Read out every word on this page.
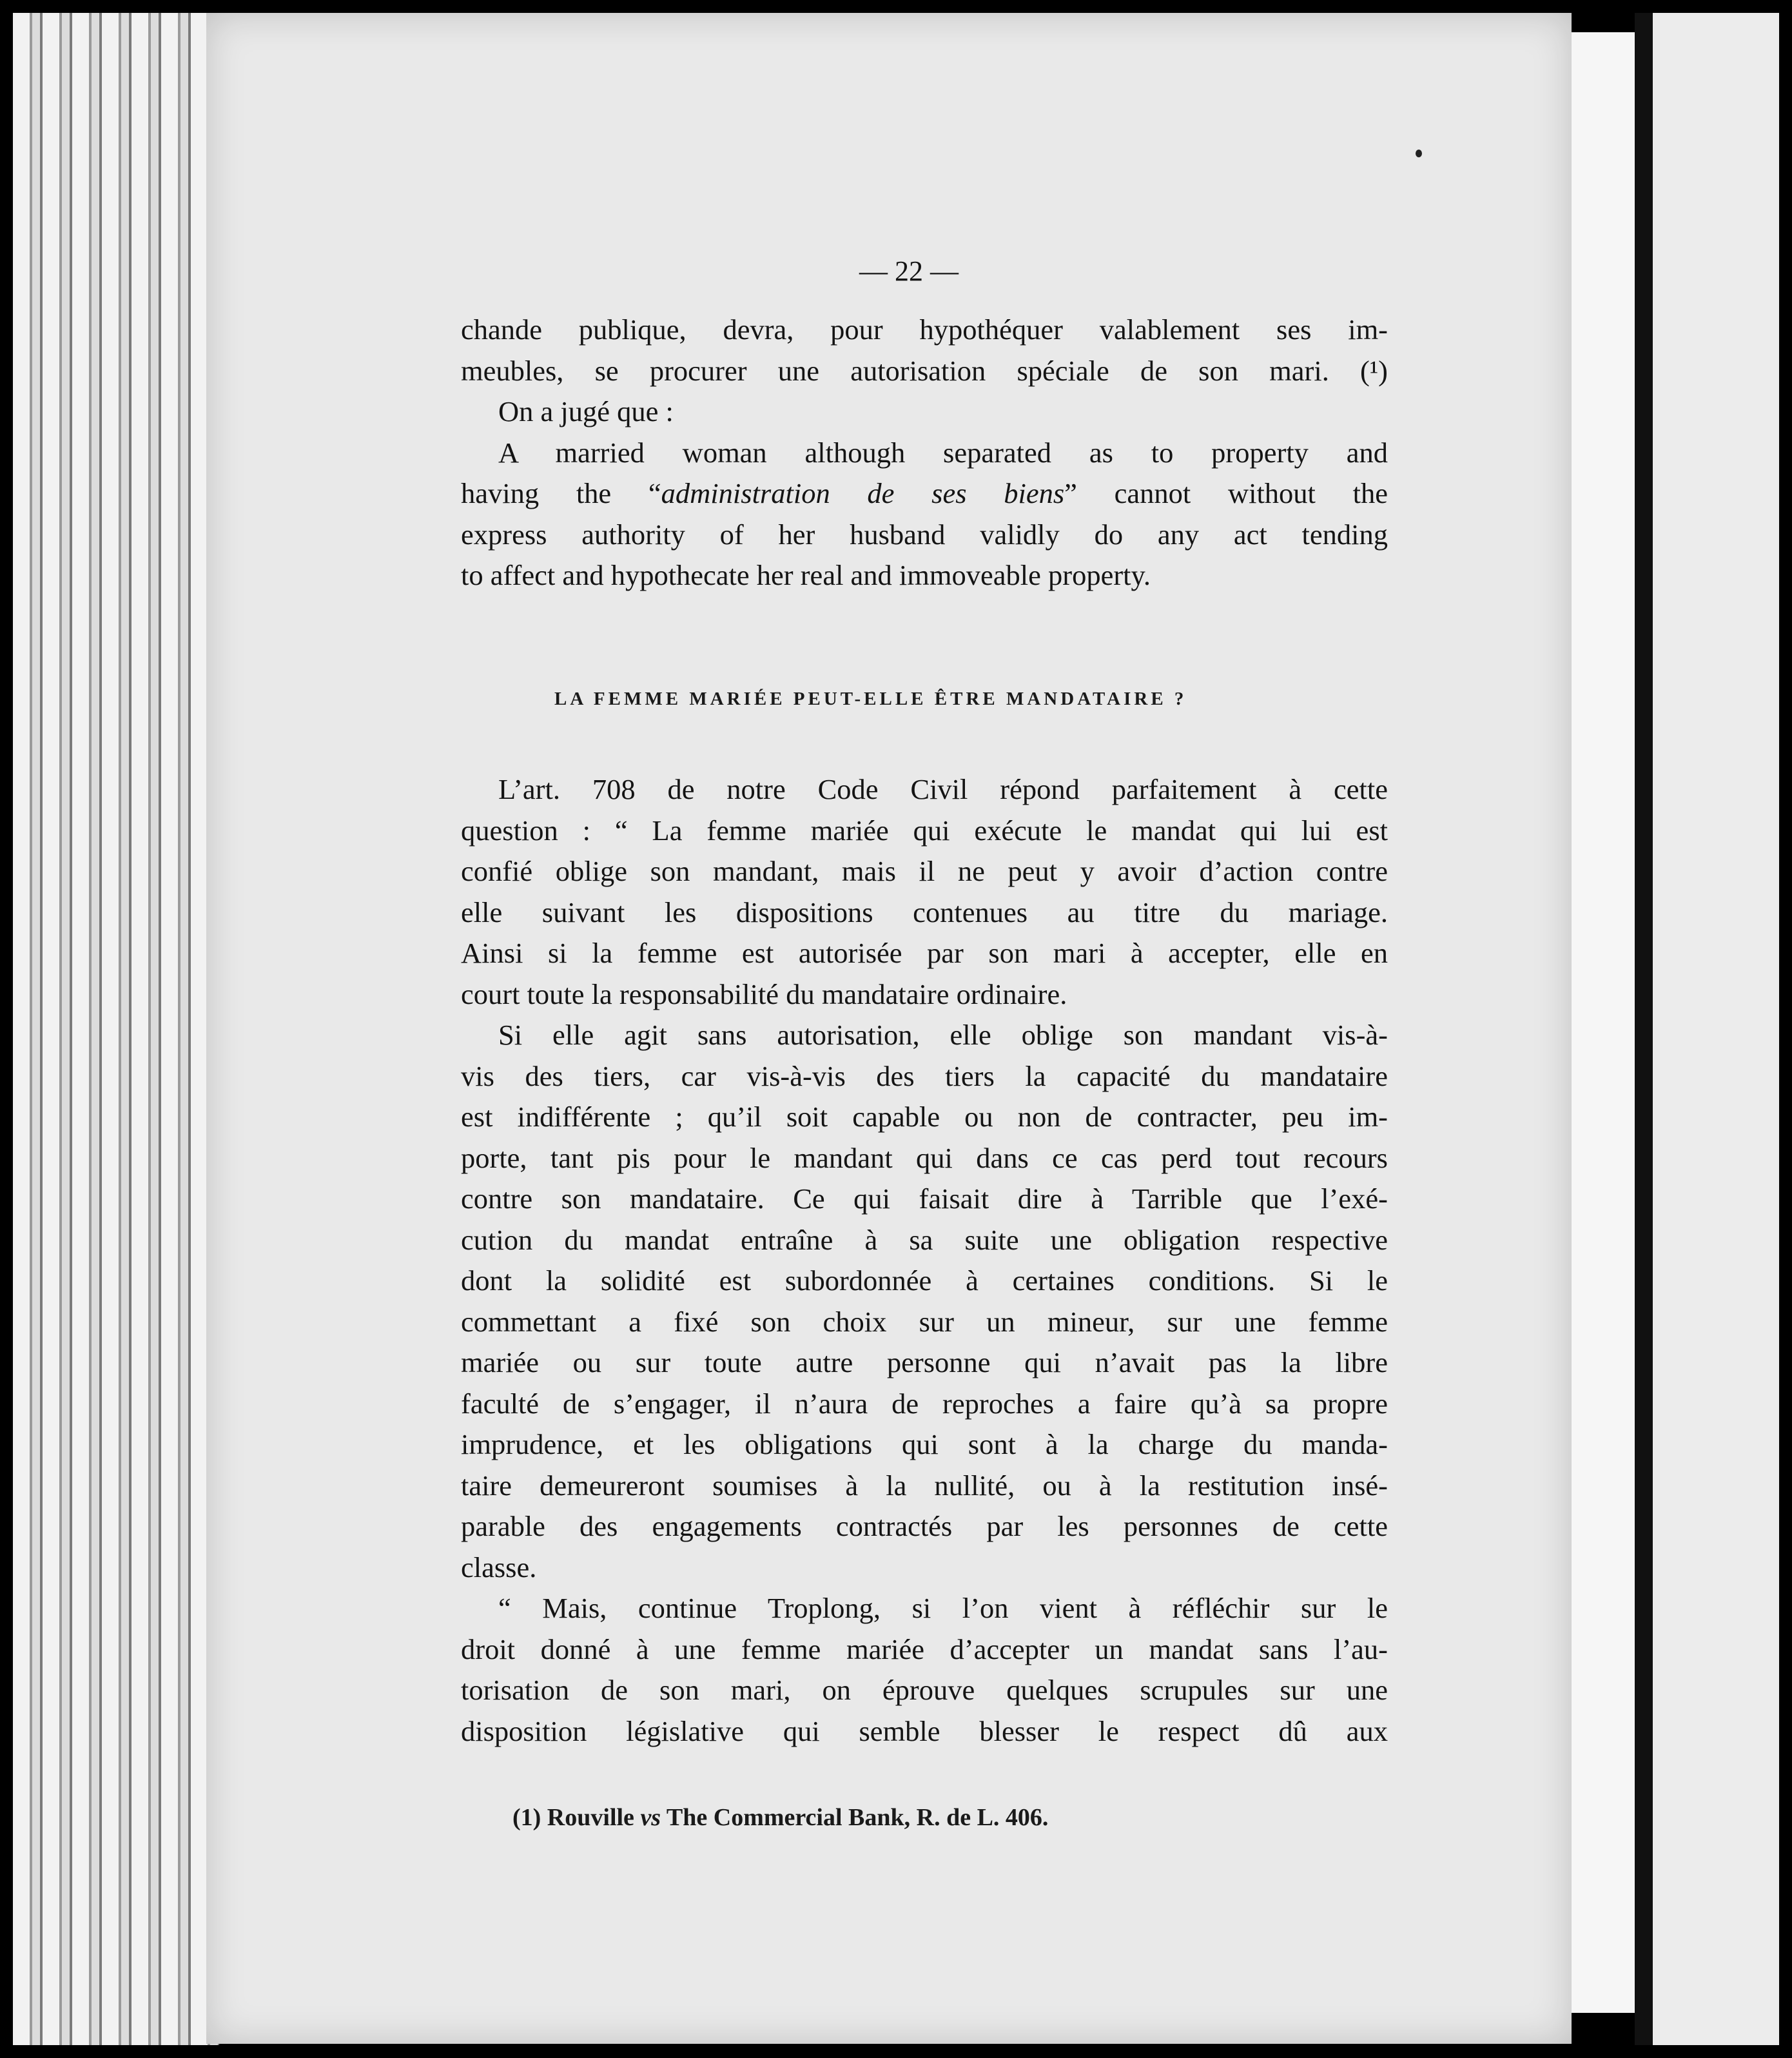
— 22 —
chande publique, devra, pour hypothéquer valablement ses im-
meubles, se procurer une autorisation spéciale de son mari. (¹)
On a jugé que :
A married woman although separated as to property and
having the “administration de ses biens” cannot without the
express authority of her husband validly do any act tending
to affect and hypothecate her real and immoveable property.
LA FEMME MARIÉE PEUT-ELLE ÊTRE MANDATAIRE ?
L’art. 708 de notre Code Civil répond parfaitement à cette
question : “ La femme mariée qui exécute le mandat qui lui est
confié oblige son mandant, mais il ne peut y avoir d’action contre
elle suivant les dispositions contenues au titre du mariage.
Ainsi si la femme est autorisée par son mari à accepter, elle en
court toute la responsabilité du mandataire ordinaire.
Si elle agit sans autorisation, elle oblige son mandant vis-à-
vis des tiers, car vis-à-vis des tiers la capacité du mandataire
est indifférente ; qu’il soit capable ou non de contracter, peu im-
porte, tant pis pour le mandant qui dans ce cas perd tout recours
contre son mandataire. Ce qui faisait dire à Tarrible que l’exé-
cution du mandat entraîne à sa suite une obligation respective
dont la solidité est subordonnée à certaines conditions. Si le
commettant a fixé son choix sur un mineur, sur une femme
mariée ou sur toute autre personne qui n’avait pas la libre
faculté de s’engager, il n’aura de reproches a faire qu’à sa propre
imprudence, et les obligations qui sont à la charge du manda-
taire demeureront soumises à la nullité, ou à la restitution insé-
parable des engagements contractés par les personnes de cette
classe.
“ Mais, continue Troplong, si l’on vient à réfléchir sur le
droit donné à une femme mariée d’accepter un mandat sans l’au-
torisation de son mari, on éprouve quelques scrupules sur une
disposition législative qui semble blesser le respect dû aux
(1) Rouville vs The Commercial Bank, R. de L. 406.
